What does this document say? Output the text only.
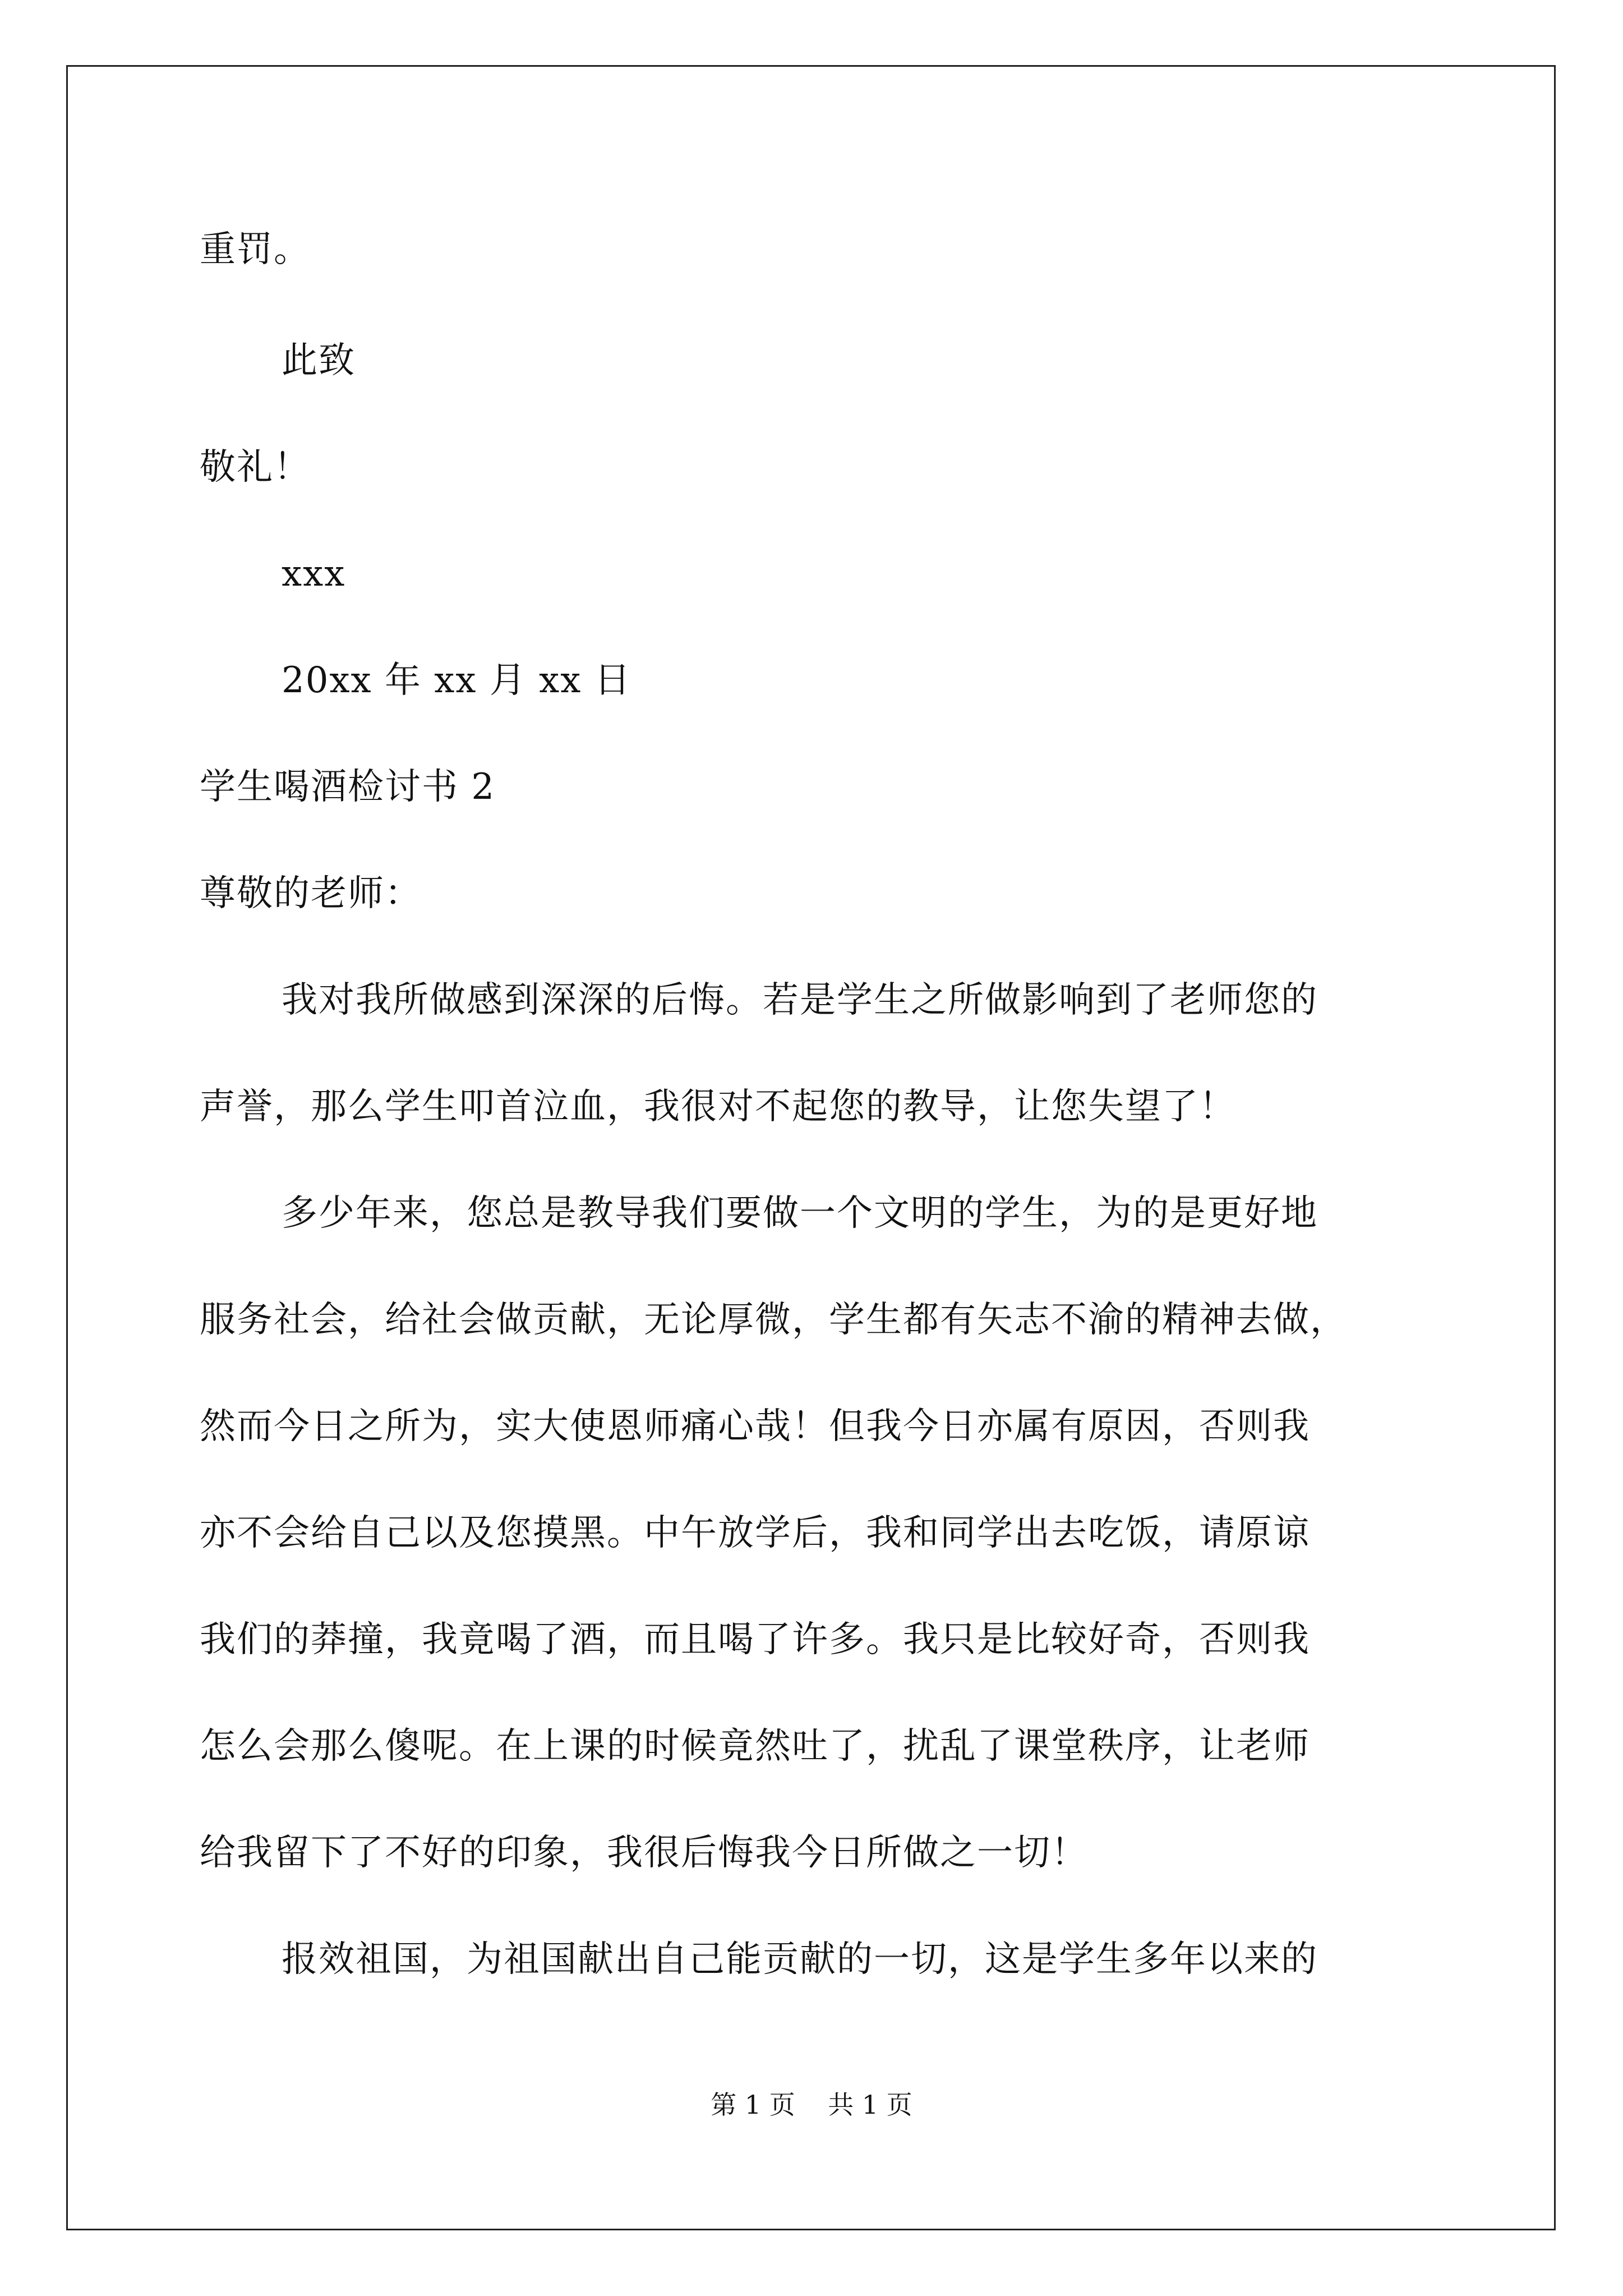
重罚。

此致

敬礼！

xxx

20xx 年 xx 月 xx 日

学生喝酒检讨书 2

尊敬的老师：

我对我所做感到深深的后悔。若是学生之所做影响到了老师您的

声誉，那么学生叩首泣血，我很对不起您的教导，让您失望了！

多少年来，您总是教导我们要做一个文明的学生，为的是更好地

服务社会，给社会做贡献，无论厚微，学生都有矢志不渝的精神去做，

然而今日之所为，实大使恩师痛心哉！但我今日亦属有原因，否则我

亦不会给自己以及您摸黑。中午放学后，我和同学出去吃饭，请原谅

我们的莽撞，我竟喝了酒，而且喝了许多。我只是比较好奇，否则我

怎么会那么傻呢。在上课的时候竟然吐了，扰乱了课堂秩序，让老师

给我留下了不好的印象，我很后悔我今日所做之一切！

报效祖国，为祖国献出自己能贡献的一切，这是学生多年以来的

第 1 页    共 1 页
